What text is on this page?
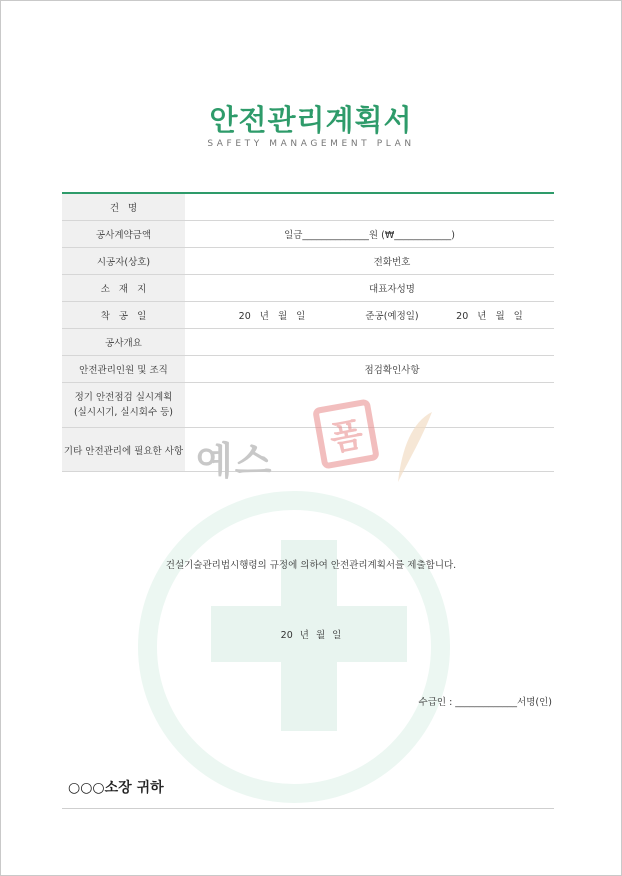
안전관리계획서
SAFETY MANAGEMENT PLAN
건 명			
공사계약금액	일금______________원 (₩____________)		
시공자(상호)		전화번호	
소 재 지		대표자성명	
착 공 일	20 년 월 일	준공(예정일)	20 년 월 일
공사개요			
안전관리인원 및 조직		점검확인사항	

정기 안전점검 실시계획
(실시시기, 실시회수 등)			

기타 안전관리에 필요한 사항			예스
폼
건설기술관리법시행령의 규정에 의하여 안전관리계획서를 제출합니다.
20 년 월 일
수급인 : _____________서명(인)
○○○소장 귀하
